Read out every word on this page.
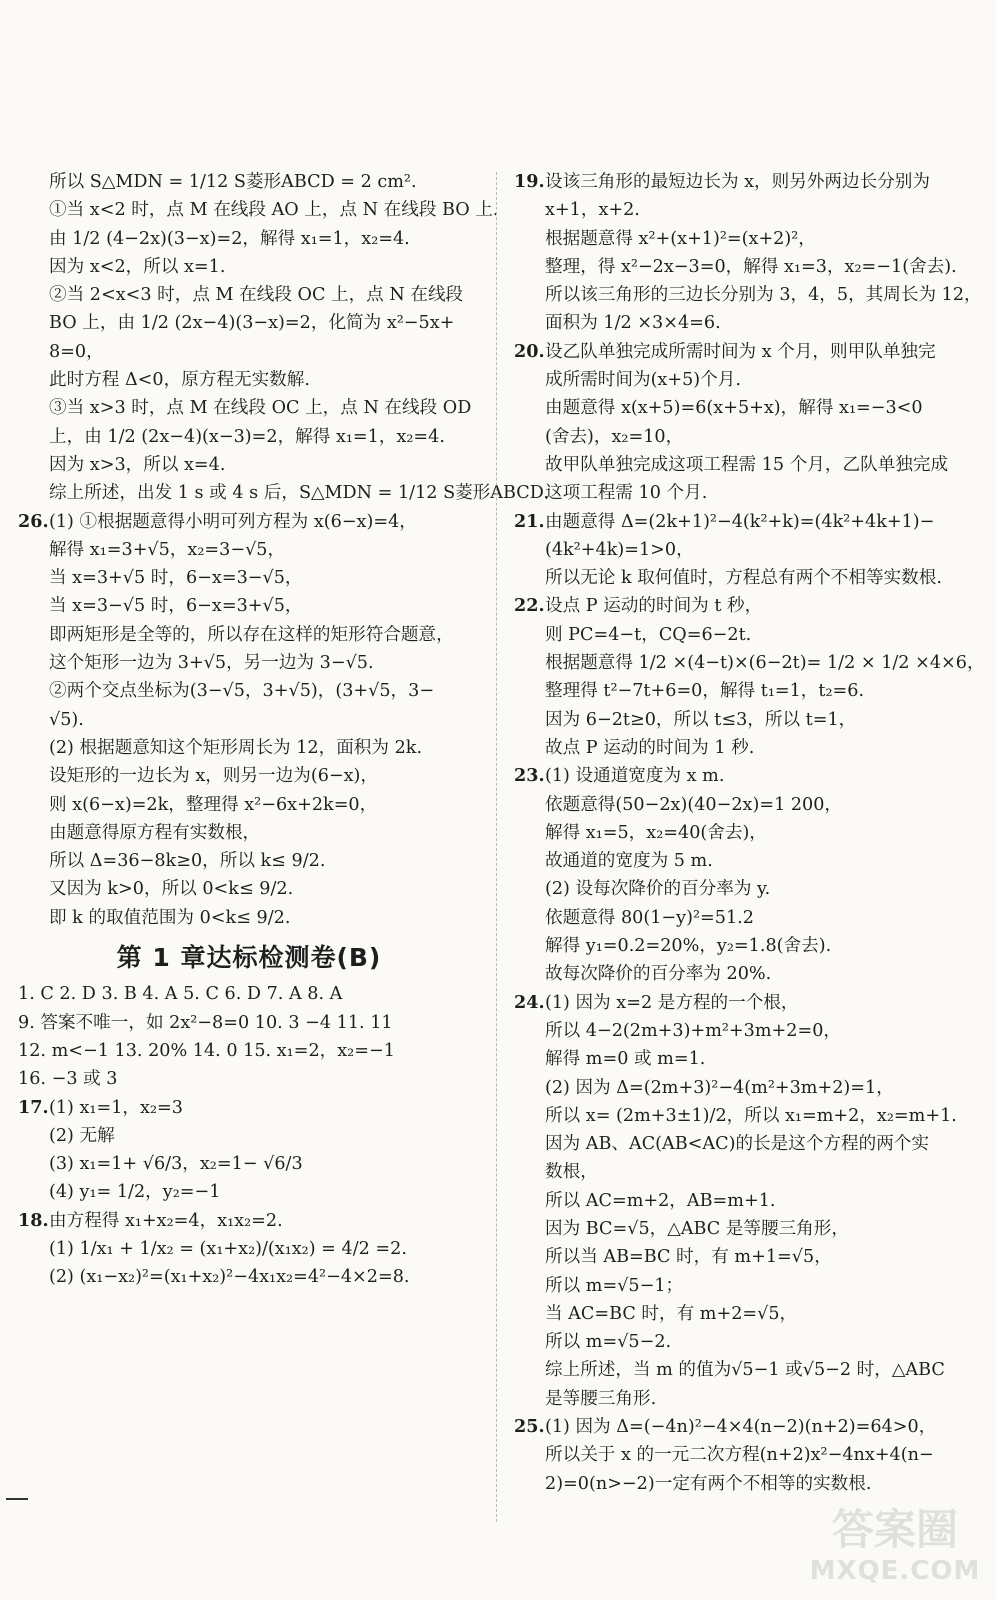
所以 S△MDN = 1/12 S菱形ABCD = 2 cm².
①当 x<2 时，点 M 在线段 AO 上，点 N 在线段 BO 上.
由 1/2 (4−2x)(3−x)=2，解得 x₁=1，x₂=4.
因为 x<2，所以 x=1.
②当 2<x<3 时，点 M 在线段 OC 上，点 N 在线段
BO 上，由 1/2 (2x−4)(3−x)=2，化简为 x²−5x+
8=0，
此时方程 Δ<0，原方程无实数解.
③当 x>3 时，点 M 在线段 OC 上，点 N 在线段 OD
上，由 1/2 (2x−4)(x−3)=2，解得 x₁=1，x₂=4.
因为 x>3，所以 x=4.
综上所述，出发 1 s 或 4 s 后，S△MDN = 1/12 S菱形ABCD.
26.(1) ①根据题意得小明可列方程为 x(6−x)=4，
解得 x₁=3+√5，x₂=3−√5，
当 x=3+√5 时，6−x=3−√5，
当 x=3−√5 时，6−x=3+√5，
即两矩形是全等的，所以存在这样的矩形符合题意，
这个矩形一边为 3+√5，另一边为 3−√5.
②两个交点坐标为(3−√5，3+√5)，(3+√5，3−
√5).
(2) 根据题意知这个矩形周长为 12，面积为 2k.
设矩形的一边长为 x，则另一边为(6−x)，
则 x(6−x)=2k，整理得 x²−6x+2k=0，
由题意得原方程有实数根，
所以 Δ=36−8k≥0，所以 k≤ 9/2.
又因为 k>0，所以 0<k≤ 9/2.
即 k 的取值范围为 0<k≤ 9/2.
第 1 章达标检测卷(B)
1. C 2. D 3. B 4. A 5. C 6. D 7. A 8. A
9. 答案不唯一，如 2x²−8=0 10. 3 −4 11. 11
12. m<−1 13. 20% 14. 0 15. x₁=2，x₂=−1
16. −3 或 3
17.(1) x₁=1，x₂=3
(2) 无解
(3) x₁=1+ √6/3，x₂=1− √6/3
(4) y₁= 1/2，y₂=−1
18.由方程得 x₁+x₂=4，x₁x₂=2.
(1) 1/x₁ + 1/x₂ = (x₁+x₂)/(x₁x₂) = 4/2 =2.
(2) (x₁−x₂)²=(x₁+x₂)²−4x₁x₂=4²−4×2=8.
19.设该三角形的最短边长为 x，则另外两边长分别为
x+1，x+2.
根据题意得 x²+(x+1)²=(x+2)²，
整理，得 x²−2x−3=0，解得 x₁=3，x₂=−1(舍去).
所以该三角形的三边长分别为 3，4，5，其周长为 12，
面积为 1/2 ×3×4=6.
20.设乙队单独完成所需时间为 x 个月，则甲队单独完
成所需时间为(x+5)个月.
由题意得 x(x+5)=6(x+5+x)，解得 x₁=−3<0
(舍去)，x₂=10，
故甲队单独完成这项工程需 15 个月，乙队单独完成
这项工程需 10 个月.
21.由题意得 Δ=(2k+1)²−4(k²+k)=(4k²+4k+1)−
(4k²+4k)=1>0，
所以无论 k 取何值时，方程总有两个不相等实数根.
22.设点 P 运动的时间为 t 秒，
则 PC=4−t，CQ=6−2t.
根据题意得 1/2 ×(4−t)×(6−2t)= 1/2 × 1/2 ×4×6，
整理得 t²−7t+6=0，解得 t₁=1，t₂=6.
因为 6−2t≥0，所以 t≤3，所以 t=1，
故点 P 运动的时间为 1 秒.
23.(1) 设通道宽度为 x m.
依题意得(50−2x)(40−2x)=1 200，
解得 x₁=5，x₂=40(舍去)，
故通道的宽度为 5 m.
(2) 设每次降价的百分率为 y.
依题意得 80(1−y)²=51.2
解得 y₁=0.2=20%，y₂=1.8(舍去).
故每次降价的百分率为 20%.
24.(1) 因为 x=2 是方程的一个根，
所以 4−2(2m+3)+m²+3m+2=0，
解得 m=0 或 m=1.
(2) 因为 Δ=(2m+3)²−4(m²+3m+2)=1，
所以 x= (2m+3±1)/2，所以 x₁=m+2，x₂=m+1.
因为 AB、AC(AB<AC)的长是这个方程的两个实
数根，
所以 AC=m+2，AB=m+1.
因为 BC=√5，△ABC 是等腰三角形，
所以当 AB=BC 时，有 m+1=√5，
所以 m=√5−1；
当 AC=BC 时，有 m+2=√5，
所以 m=√5−2.
综上所述，当 m 的值为√5−1 或√5−2 时，△ABC
是等腰三角形.
25.(1) 因为 Δ=(−4n)²−4×4(n−2)(n+2)=64>0，
所以关于 x 的一元二次方程(n+2)x²−4nx+4(n−
2)=0(n>−2)一定有两个不相等的实数根.
答案圈
MXQE.COM
